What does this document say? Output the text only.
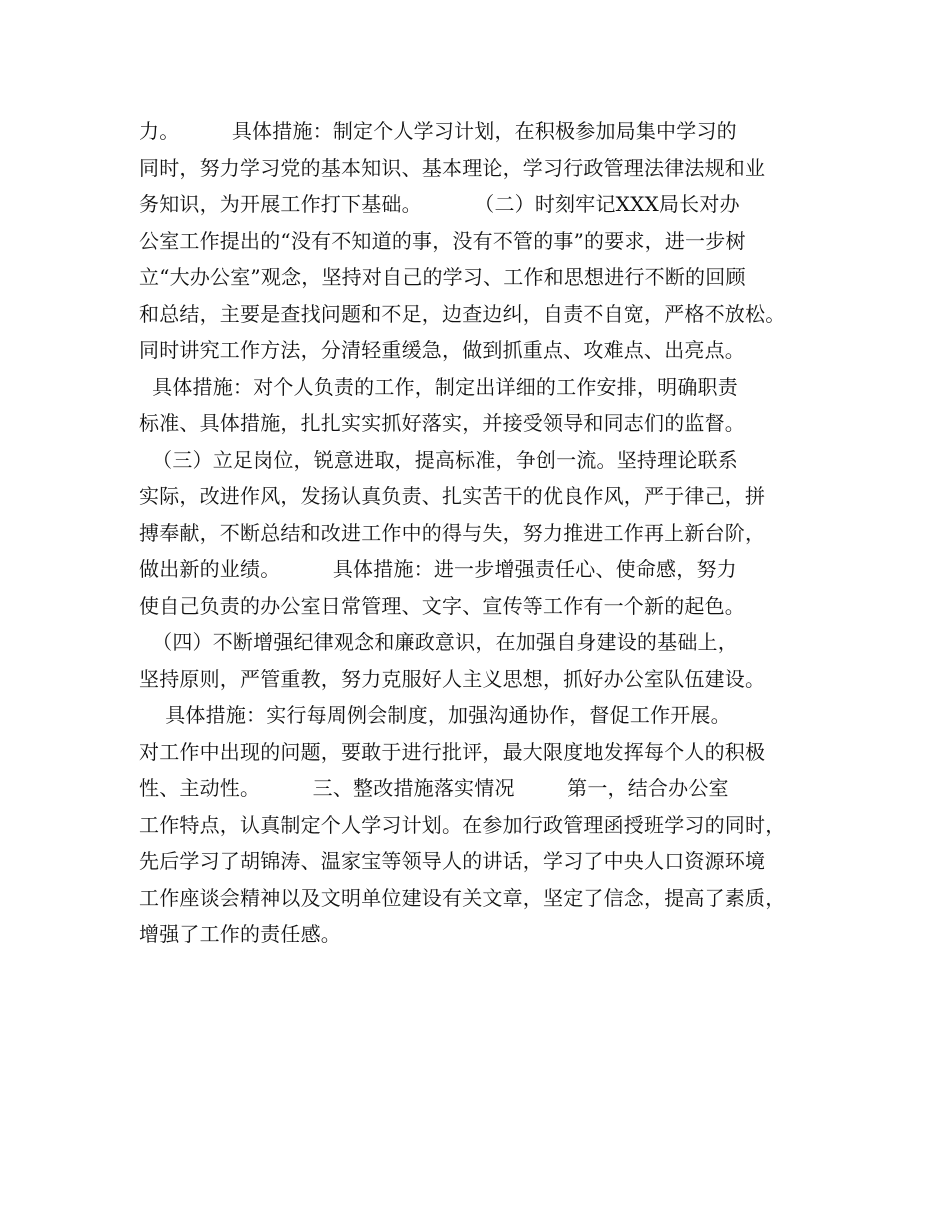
力。        具体措施：制定个人学习计划，在积极参加局集中学习的
同时，努力学习党的基本知识、基本理论，学习行政管理法律法规和业
务知识，为开展工作打下基础。        （二）时刻牢记XXX局长对办
公室工作提出的“没有不知道的事，没有不管的事”的要求，进一步树
立“大办公室”观念，坚持对自己的学习、工作和思想进行不断的回顾
和总结，主要是查找问题和不足，边查边纠，自责不自宽，严格不放松。
同时讲究工作方法，分清轻重缓急，做到抓重点、攻难点、出亮点。
具体措施：对个人负责的工作，制定出详细的工作安排，明确职责
标准、具体措施，扎扎实实抓好落实，并接受领导和同志们的监督。
（三）立足岗位，锐意进取，提高标准，争创一流。坚持理论联系
实际，改进作风，发扬认真负责、扎实苦干的优良作风，严于律己，拼
搏奉献，不断总结和改进工作中的得与失，努力推进工作再上新台阶，
做出新的业绩。        具体措施：进一步增强责任心、使命感，努力
使自己负责的办公室日常管理、文字、宣传等工作有一个新的起色。
（四）不断增强纪律观念和廉政意识，在加强自身建设的基础上，
坚持原则，严管重教，努力克服好人主义思想，抓好办公室队伍建设。
具体措施：实行每周例会制度，加强沟通协作，督促工作开展。
对工作中出现的问题，要敢于进行批评，最大限度地发挥每个人的积极
性、主动性。        三、整改措施落实情况        第一，结合办公室
工作特点，认真制定个人学习计划。在参加行政管理函授班学习的同时，
先后学习了胡锦涛、温家宝等领导人的讲话，学习了中央人口资源环境
工作座谈会精神以及文明单位建设有关文章，坚定了信念，提高了素质，
增强了工作的责任感。
